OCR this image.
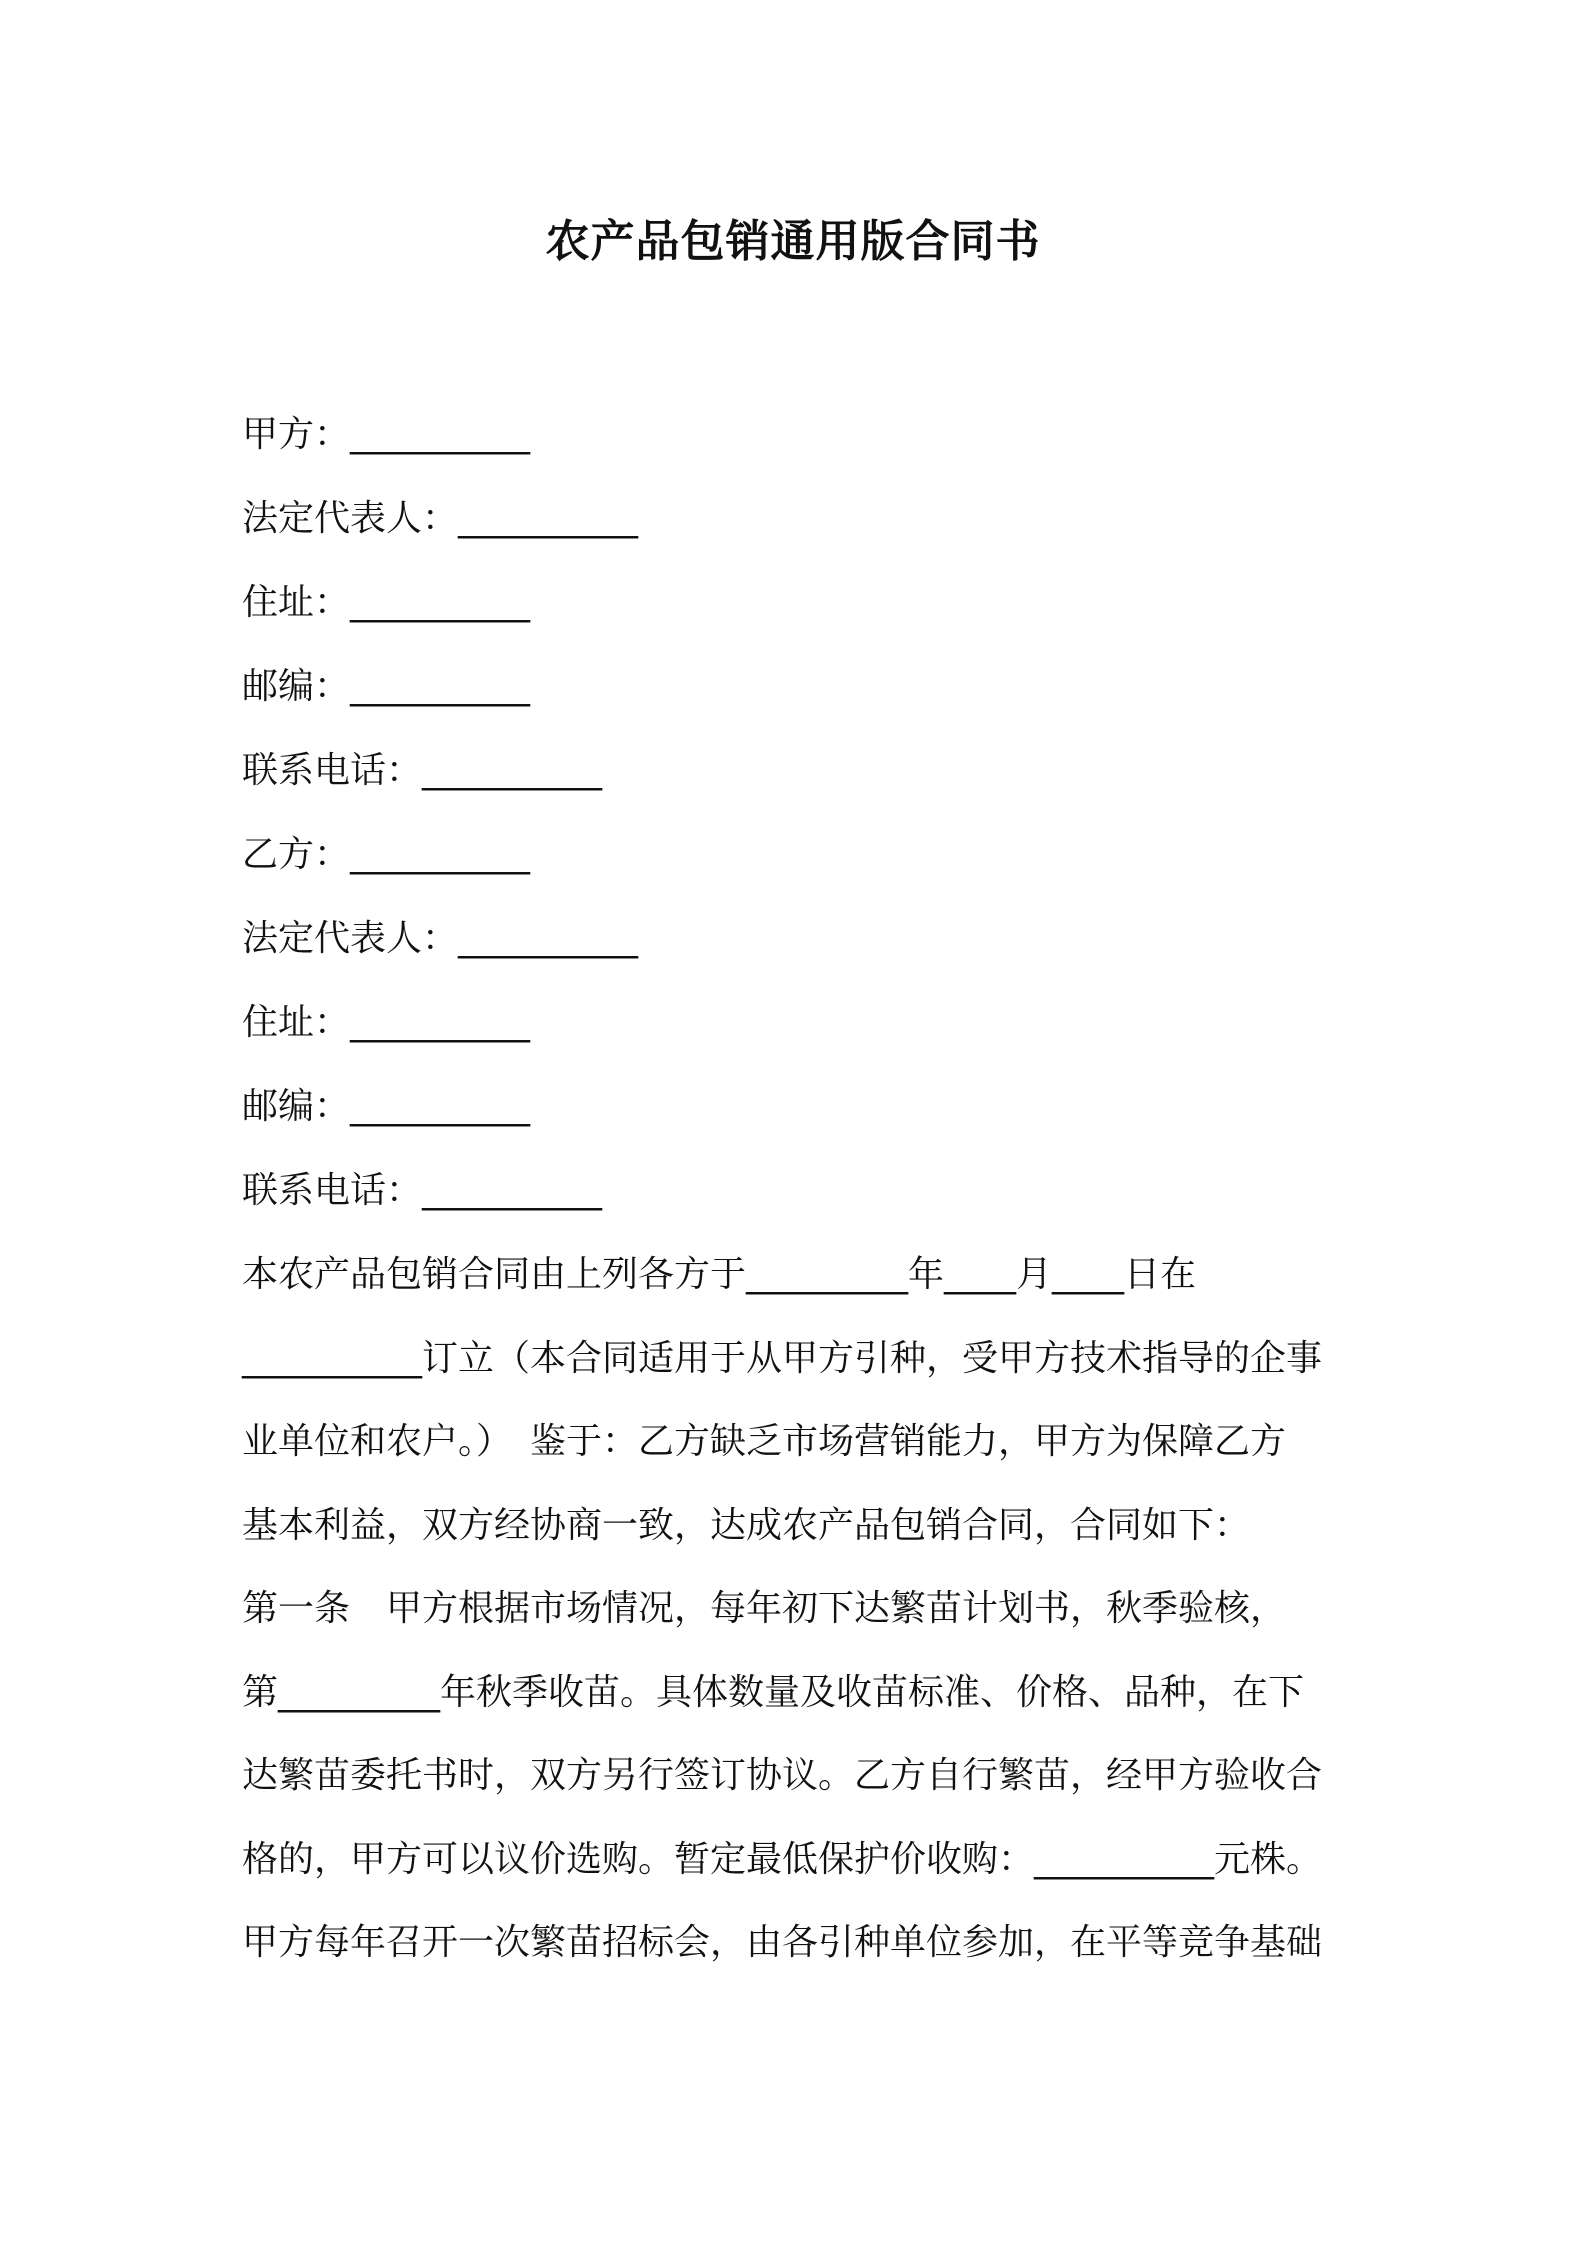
农产品包销通用版合同书
甲方：__________
法定代表人：__________
住址：__________
邮编：__________
联系电话：__________
乙方：__________
法定代表人：__________
住址：__________
邮编：__________
联系电话：__________
本农产品包销合同由上列各方于_________年____月____日在
__________订立（本合同适用于从甲方引种，受甲方技术指导的企事
业单位和农户。）　鉴于：乙方缺乏市场营销能力，甲方为保障乙方
基本利益，双方经协商一致，达成农产品包销合同，合同如下：
第一条　甲方根据市场情况，每年初下达繁苗计划书，秋季验核，
第_________年秋季收苗。具体数量及收苗标准、价格、品种，在下
达繁苗委托书时，双方另行签订协议。乙方自行繁苗，经甲方验收合
格的，甲方可以议价选购。暂定最低保护价收购：__________元株。
甲方每年召开一次繁苗招标会，由各引种单位参加，在平等竞争基础
